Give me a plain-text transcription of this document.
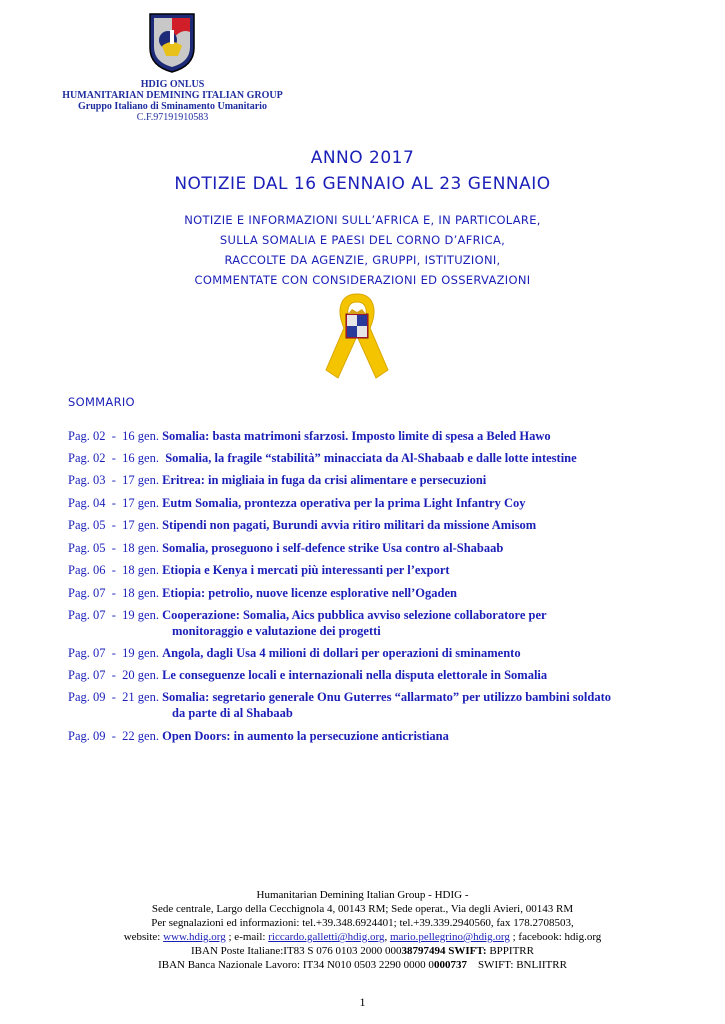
HDIG ONLUS
HUMANITARIAN DEMINING ITALIAN GROUP
Gruppo Italiano di Sminamento Umanitario
C.F.97191910583
ANNO 2017
NOTIZIE DAL 16 GENNAIO AL 23 GENNAIO
NOTIZIE E INFORMAZIONI SULL’AFRICA E, IN PARTICOLARE,
SULLA SOMALIA E PAESI DEL CORNO D’AFRICA,
RACCOLTE DA AGENZIE, GRUPPI, ISTITUZIONI,
COMMENTATE CON CONSIDERAZIONI ED OSSERVAZIONI
SOMMARIO
Pag. 02  -  16 gen. Somalia: basta matrimoni sfarzosi. Imposto limite di spesa a Beled Hawo
Pag. 02  -  16 gen.  Somalia, la fragile “stabilità” minacciata da Al-Shabaab e dalle lotte intestine
Pag. 03  -  17 gen. Eritrea: in migliaia in fuga da crisi alimentare e persecuzioni
Pag. 04  -  17 gen. Eutm Somalia, prontezza operativa per la prima Light Infantry Coy
Pag. 05  -  17 gen. Stipendi non pagati, Burundi avvia ritiro militari da missione Amisom
Pag. 05  -  18 gen. Somalia, proseguono i self-defence strike Usa contro al-Shabaab
Pag. 06  -  18 gen. Etiopia e Kenya i mercati più interessanti per l’export
Pag. 07  -  18 gen. Etiopia: petrolio, nuove licenze esplorative nell’Ogaden
Pag. 07  -  19 gen. Cooperazione: Somalia, Aics pubblica avviso selezione collaboratore per
monitoraggio e valutazione dei progetti
Pag. 07  -  19 gen. Angola, dagli Usa 4 milioni di dollari per operazioni di sminamento
Pag. 07  -  20 gen. Le conseguenze locali e internazionali nella disputa elettorale in Somalia
Pag. 09  -  21 gen. Somalia: segretario generale Onu Guterres “allarmato” per utilizzo bambini soldato
da parte di al Shabaab
Pag. 09  -  22 gen. Open Doors: in aumento la persecuzione anticristiana
Humanitarian Demining Italian Group - HDIG -
Sede centrale, Largo della Cecchignola 4, 00143 RM; Sede operat., Via degli Avieri, 00143 RM
Per segnalazioni ed informazioni: tel.+39.348.6924401; tel.+39.339.2940560, fax 178.2708503,
website: www.hdig.org ; e-mail: riccardo.galletti@hdig.org, mario.pellegrino@hdig.org ; facebook: hdig.org
IBAN Poste Italiane:IT83 S 076 0103 2000 00038797494 SWIFT: BPPITRR
IBAN Banca Nazionale Lavoro: IT34 N010 0503 2290 0000 0000737    SWIFT: BNLIITRR
1
